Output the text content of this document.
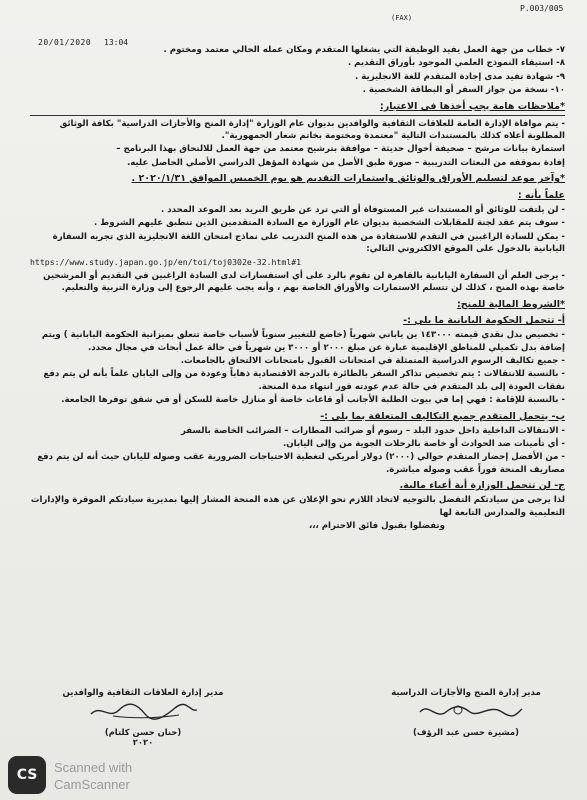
P.003/005
(FAX)
20/01/2020 13:04

٧- خطاب من جهة العمل يفيد الوظيفة التي يشغلها المتقدم ومكان عمله الحالي معتمد ومختوم .

٨- استيفاء النموذج العلمي الموجود بأوراق التقديم .

٩- شهادة تفيد مدى إجادة المتقدم للغة الانجليزية .

١٠- نسخة من جواز السفر أو البطاقة الشخصية .

*ملاحظات هامة يجب أخذها في الاعتبار:

- يتم موافاة الإدارة العامة للعلاقات الثقافية والوافدين بديوان عام الوزارة "إدارة المنح والأجازات الدراسية" بكافة الوثائق المطلوبة أعلاه كذلك بالمستندات التالية "معتمدة ومختومة بخاتم شعار الجمهورية".

استمارة بيانات مرشح – صحيفة أحوال حديثة – موافقة بترشيح معتمد من جهة العمل للالتحاق بهذا البرنامج –

إفادة بموقفه من البعثات التدريبية – صورة طبق الأصل من شهادة المؤهل الدراسي الأصلي الحاصل عليه.

*وآخر موعد لتسليم الأوراق والوثائق واستمارات التقديم هو يوم الخميس الموافق ٢٠٢٠/١/٣١ .

علماً بأنه :

- لن يلتفت للوثائق أو المستندات غير المستوفاة أو التي ترد عن طريق البريد بعد الموعد المحدد .

- سوف يتم عقد لجنة للمقابلات الشخصية بديوان عام الوزارة مع السادة المتقدمين الذين تنطبق عليهم الشروط .

- يمكن للسادة الراغبين في التقدم للاستفادة من هذه المنح التدريب على نماذج امتحان اللغة الانجليزية الذي تجريه السفارة اليابانية بالدخول على الموقع الالكتروني التالي:

https://www.study.japan.go.jp/en/toi/toj0302e-32.html#1

- يرجى العلم أن السفارة اليابانية بالقاهرة لن تقوم بالرد على أي استفسارات لدى السادة الراغبين في التقديم أو المرشحين خاصة بهذه المنح ، كذلك لن تتسلم الاستمارات والأوراق الخاصة بهم ، وأنه يجب عليهم الرجوع إلى وزارة التربية والتعليم.

*الشروط المالية للمنح:

أ- تتحمل الحكومة اليابانية ما يلي :-

- تخصيص بدل نقدي قيمته ١٤٣٠٠٠ ين ياباني شهرياً (خاضع للتغيير سنوياً لأسباب خاصة تتعلق بميزانية الحكومة اليابانية ) ويتم إضافة بدل تكميلي للمناطق الإقليمية عبارة عن مبلغ ٢٠٠٠ أو ٣٠٠٠ ين شهرياً في حالة عمل أبحاث في مجال محدد.

- جميع تكاليف الرسوم الدراسية المتمثلة في امتحانات القبول بامتحانات الالتحاق بالجامعات.

- بالنسبة للانتقالات : يتم تخصيص تذاكر السفر بالطائرة بالدرجة الاقتصادية ذهاباً وعودة من وإلى اليابان علماً بأنه لن يتم دفع نفقات العودة إلى بلد المتقدم في حالة عدم عودته فور انتهاء مدة المنحة.

- بالنسبة للإقامة : فهي إما في بيوت الطلبة الأجانب أو قاعات خاصة أو منازل خاصة للسكن أو في شقق توفرها الجامعة.

ب- يتحمل المتقدم جميع التكاليف المتعلقة بما يلي :-

- الانتقالات الداخلية داخل حدود البلد – رسوم أو ضرائب المطارات – الضرائب الخاصة بالسفر

- أي تأمينات ضد الحوادث أو خاصة بالرحلات الجوية من وإلى اليابان.

- من الأفضل إحضار المتقدم حوالي (٢٠٠٠) دولار أمريكي لتغطية الاحتياجات الضرورية عقب وصوله لليابان حيث أنه لن يتم دفع مصاريف المنحة فوراً عقب وصوله مباشرة.

ج- لن تتحمل الوزارة أية أعباء مالية.

لذا يرجى من سيادتكم التفضل بالتوجيه لاتخاذ اللازم نحو الإعلان عن هذه المنحة المشار إليها بمديرية سيادتكم الموقرة والإدارات التعليمية والمدارس التابعة لها

وتفضلوا بقبول فائق الاحترام ،،،

مدير إدارة العلاقات الثقافية والوافدين
(حنان حسن كلتام)
٢٠٢٠
مدير إدارة المنح والأجازات الدراسية
(مشيرة حسن عبد الرؤف)
CS	Scanned with
CamScanner
